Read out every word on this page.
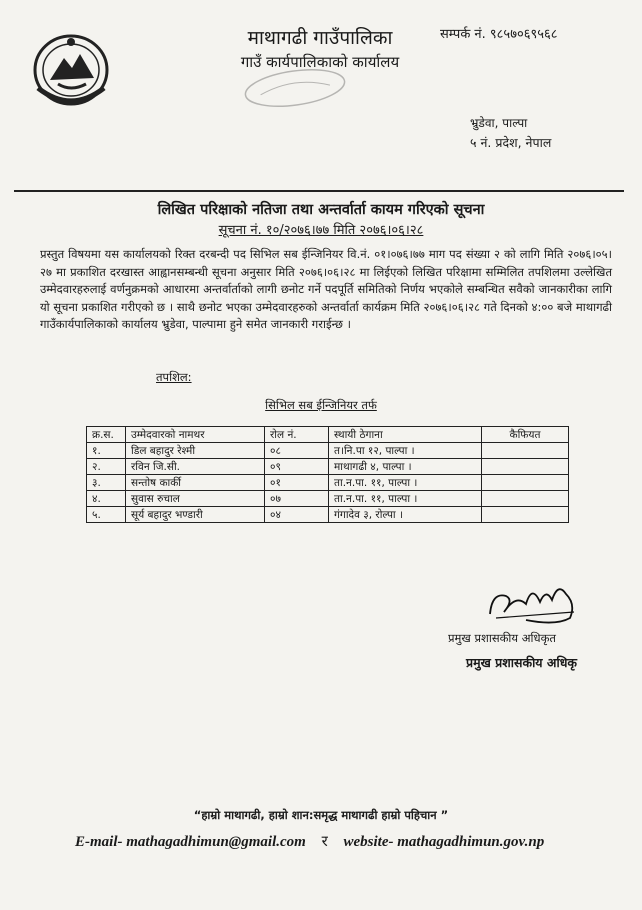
माथागढी गाउँपालिका
गाउँ कार्यपालिकाको कार्यालय
सम्पर्क नं. ९८५७०६९५६८
भ्रुडेवा, पाल्पा
५ नं. प्रदेश, नेपाल
लिखित परिक्षाको नतिजा तथा अन्तर्वार्ता कायम गरिएको सूचना
सूचना नं. १०/२०७६।७७ मिति २०७६।०६।२८
प्रस्तुत विषयमा यस कार्यालयको रिक्त दरबन्दी पद सिभिल सब ईन्जिनियर वि.नं. ०१।०७६।७७ माग पद संख्या २ को लागि मिति २०७६।०५।२७ मा प्रकाशित दरखास्त आह्वानसम्बन्धी सूचना अनुसार मिति २०७६।०६।२८ मा लिईएको लिखित परिक्षामा सम्मिलित तपशिलमा उल्लेखित उम्मेदवारहरुलाई वर्णनुक्रमको आधारमा अन्तर्वार्ताको लागी छनोट गर्ने पदपूर्ति समितिको निर्णय भएकोले सम्बन्धित सवैको जानकारीका लागि यो सूचना प्रकाशित गरीएको छ । साथै छनोट भएका उम्मेदवारहरुको अन्तर्वार्ता कार्यक्रम मिति २०७६।०६।२८ गते दिनको ४:०० बजे माथागढी गाउँकार्यपालिकाको कार्यालय भ्रुडेवा, पाल्पामा हुने समेत जानकारी गराईन्छ ।
तपशिल:
सिभिल सब ईन्जिनियर तर्फ
क्र.स.	उम्मेदवारको नामथर	रोल नं.	स्थायी ठेगाना	कैफियत
१.	डिल बहादुर रेश्मी	०८	त।नि.पा १२, पाल्पा ।	
२.	रविन जि.सी.	०९	माथागढी ४, पाल्पा ।	
३.	सन्तोष कार्की	०१	ता.न.पा. ११, पाल्पा ।	
४.	सुवास रुचाल	०७	ता.न.पा. ११, पाल्पा ।	
५.	सूर्य बहादुर भण्डारी	०४	गंगादेव ३, रोल्पा ।	
प्रमुख प्रशासकीय अधिकृत
प्रमुख प्रशासकीय अधिकृ
“हाम्रो माथागढी, हाम्रो शान:समृद्ध माथागढी हाम्रो पहिचान ”
E-mail- mathagadhimun@gmail.com र website- mathagadhimun.gov.np
